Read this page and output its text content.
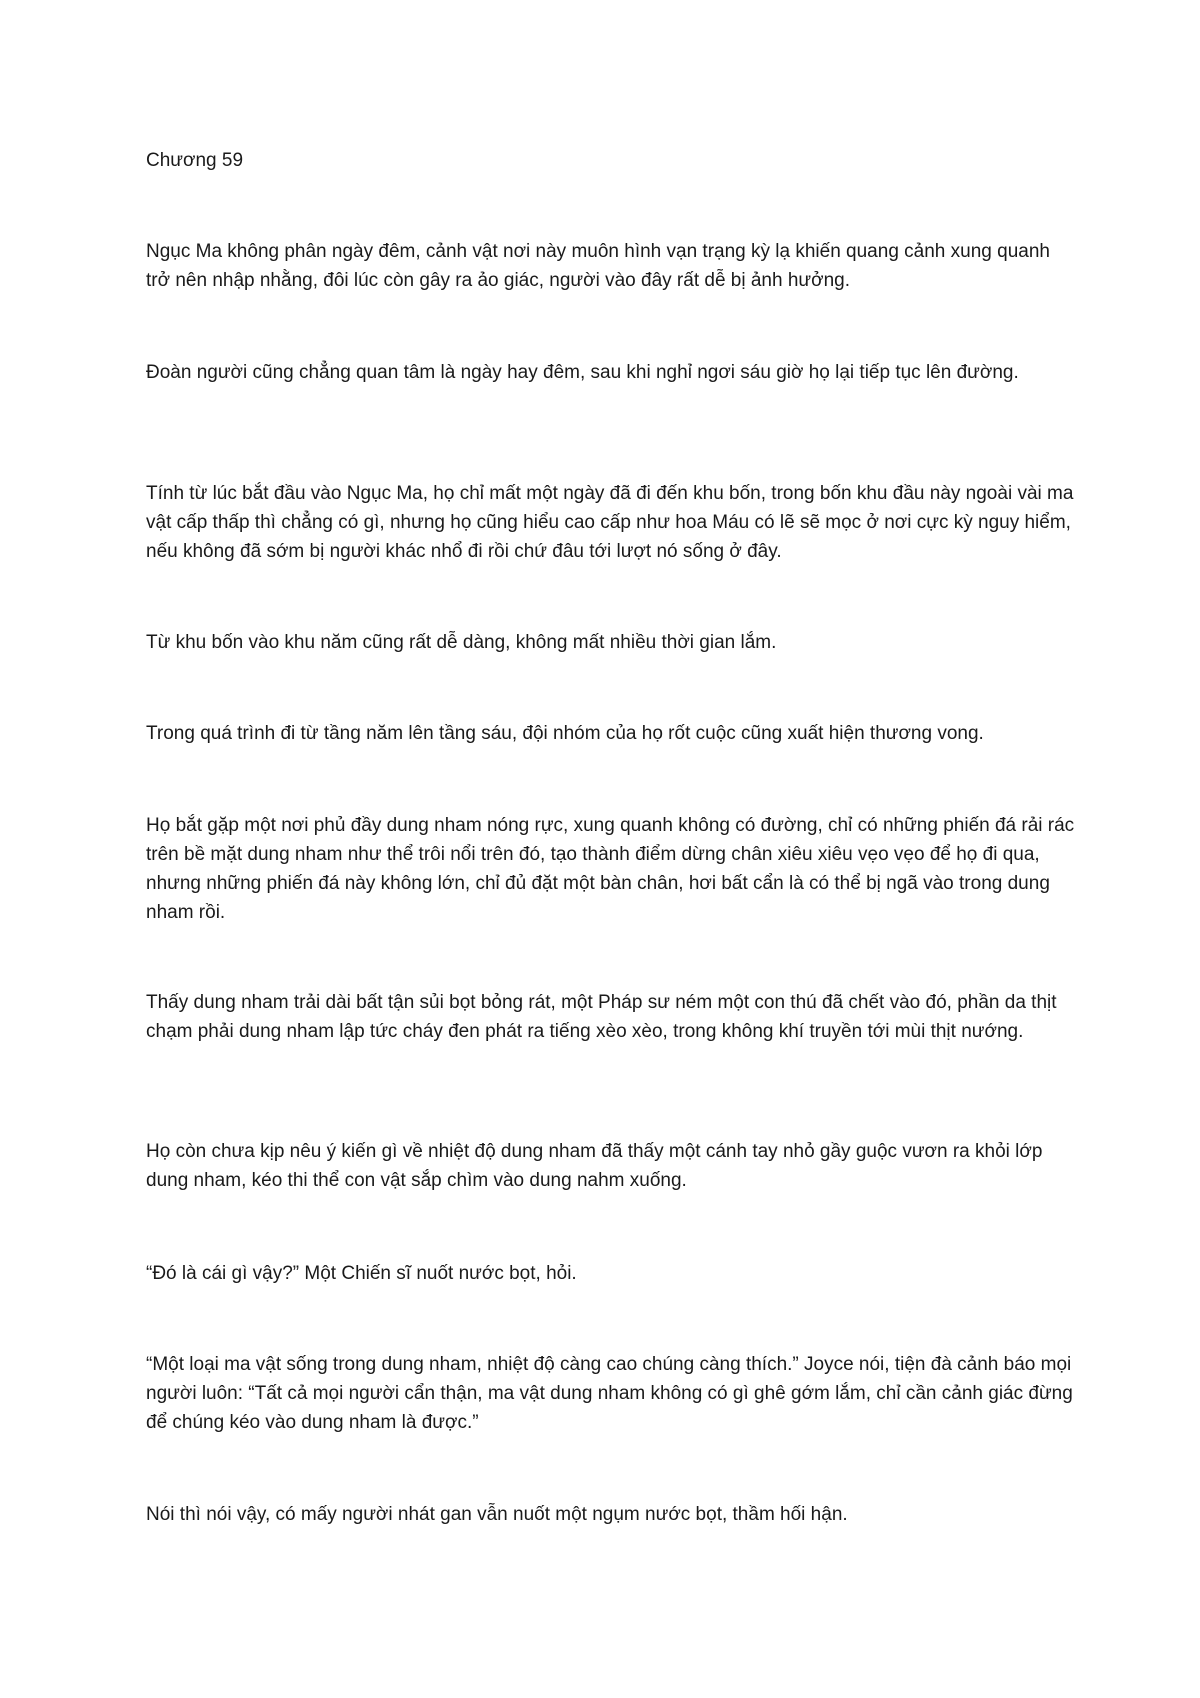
Chương 59

Ngục Ma không phân ngày đêm, cảnh vật nơi này muôn hình vạn trạng kỳ lạ khiến quang cảnh xung quanh trở nên nhập nhằng, đôi lúc còn gây ra ảo giác, người vào đây rất dễ bị ảnh hưởng.

Đoàn người cũng chẳng quan tâm là ngày hay đêm, sau khi nghỉ ngơi sáu giờ họ lại tiếp tục lên đường.

Tính từ lúc bắt đầu vào Ngục Ma, họ chỉ mất một ngày đã đi đến khu bốn, trong bốn khu đầu này ngoài vài ma vật cấp thấp thì chẳng có gì, nhưng họ cũng hiểu cao cấp như hoa Máu có lẽ sẽ mọc ở nơi cực kỳ nguy hiểm, nếu không đã sớm bị người khác nhổ đi rồi chứ đâu tới lượt nó sống ở đây.

Từ khu bốn vào khu năm cũng rất dễ dàng, không mất nhiều thời gian lắm.

Trong quá trình đi từ tầng năm lên tầng sáu, đội nhóm của họ rốt cuộc cũng xuất hiện thương vong.

Họ bắt gặp một nơi phủ đầy dung nham nóng rực, xung quanh không có đường, chỉ có những phiến đá rải rác trên bề mặt dung nham như thể trôi nổi trên đó, tạo thành điểm dừng chân xiêu xiêu vẹo vẹo để họ đi qua, nhưng những phiến đá này không lớn, chỉ đủ đặt một bàn chân, hơi bất cẩn là có thể bị ngã vào trong dung nham rồi.

Thấy dung nham trải dài bất tận sủi bọt bỏng rát, một Pháp sư ném một con thú đã chết vào đó, phần da thịt chạm phải dung nham lập tức cháy đen phát ra tiếng xèo xèo, trong không khí truyền tới mùi thịt nướng.

Họ còn chưa kịp nêu ý kiến gì về nhiệt độ dung nham đã thấy một cánh tay nhỏ gầy guộc vươn ra khỏi lớp dung nham, kéo thi thể con vật sắp chìm vào dung nahm xuống.

“Đó là cái gì vậy?” Một Chiến sĩ nuốt nước bọt, hỏi.

“Một loại ma vật sống trong dung nham, nhiệt độ càng cao chúng càng thích.” Joyce nói, tiện đà cảnh báo mọi người luôn: “Tất cả mọi người cẩn thận, ma vật dung nham không có gì ghê gớm lắm, chỉ cần cảnh giác đừng để chúng kéo vào dung nham là được.”

Nói thì nói vậy, có mấy người nhát gan vẫn nuốt một ngụm nước bọt, thầm hối hận.
